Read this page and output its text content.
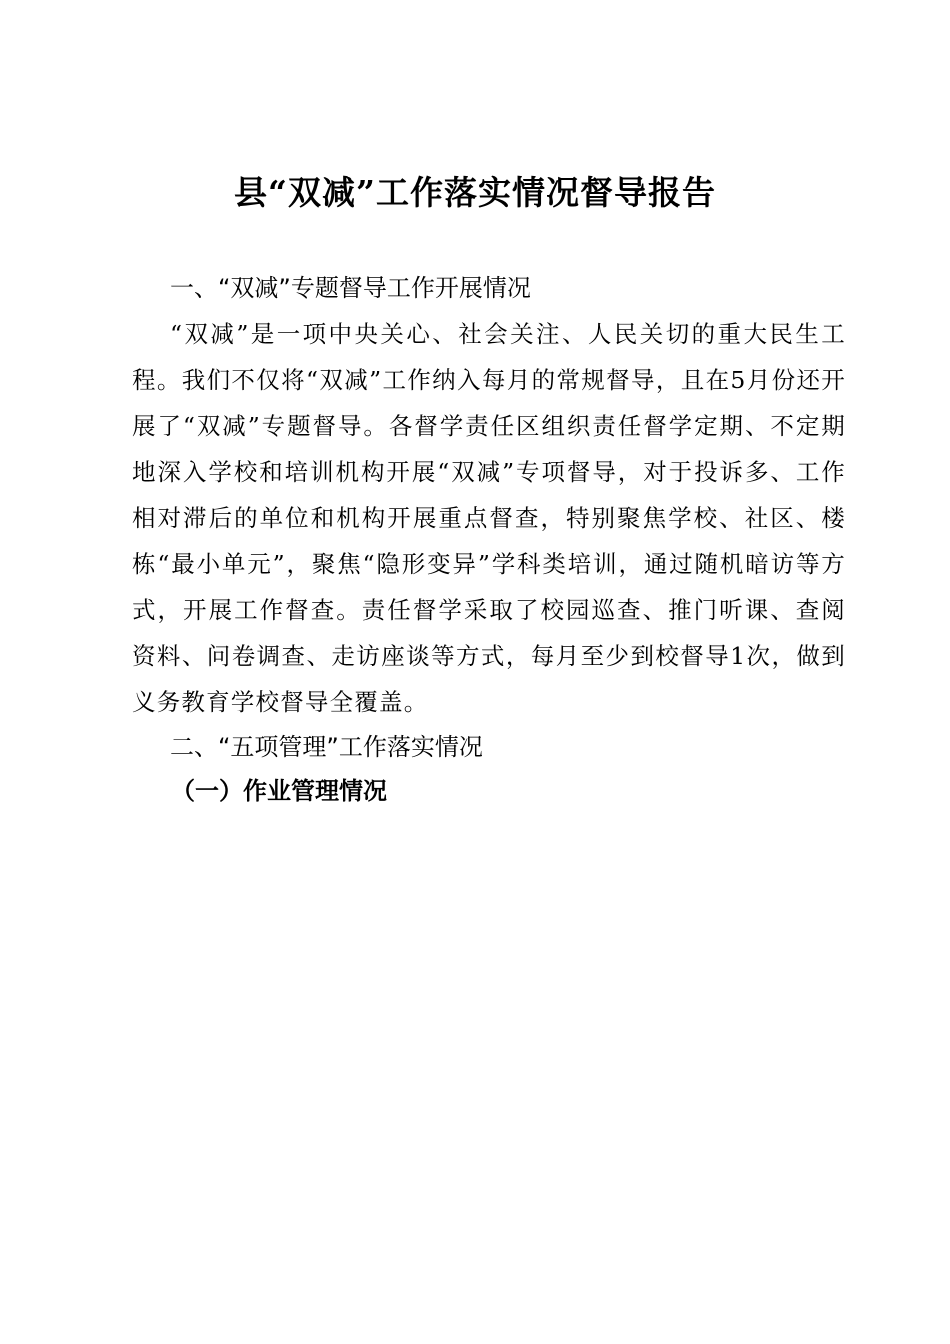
县“双减”工作落实情况督导报告
一、“双减”专题督导工作开展情况

“双减”是一项中央关心、社会关注、人民关切的重大民生工程。我们不仅将“双减”工作纳入每月的常规督导，且在5月份还开展了“双减”专题督导。各督学责任区组织责任督学定期、不定期地深入学校和培训机构开展“双减”专项督导，对于投诉多、工作相对滞后的单位和机构开展重点督查，特别聚焦学校、社区、楼栋“最小单元”，聚焦“隐形变异”学科类培训，通过随机暗访等方式，开展工作督查。责任督学采取了校园巡查、推门听课、查阅资料、问卷调查、走访座谈等方式，每月至少到校督导1次，做到义务教育学校督导全覆盖。

二、“五项管理”工作落实情况
（一）作业管理情况
